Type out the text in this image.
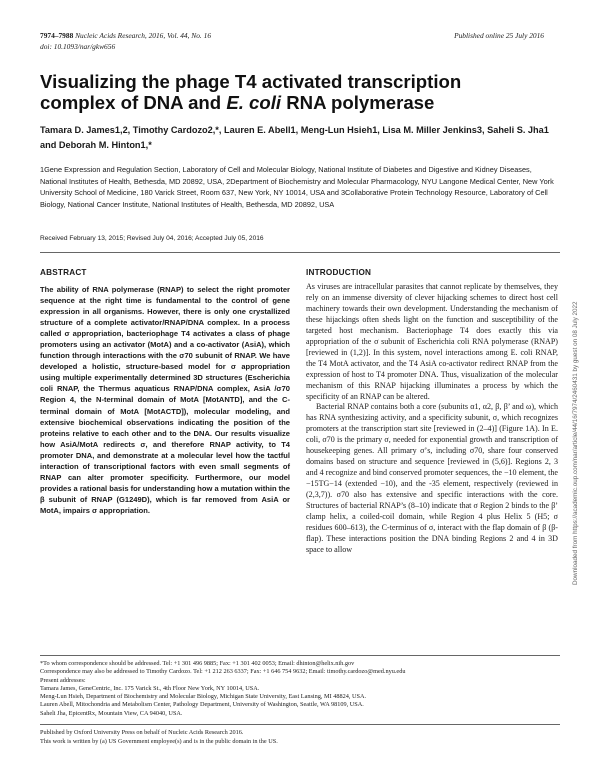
7974–7988 Nucleic Acids Research, 2016, Vol. 44, No. 16
doi: 10.1093/nar/gkw656
Published online 25 July 2016
Visualizing the phage T4 activated transcription
complex of DNA and E. coli RNA polymerase
Tamara D. James1,2, Timothy Cardozo2,*, Lauren E. Abell1, Meng-Lun Hsieh1, Lisa M. Miller Jenkins3, Saheli S. Jha1 and Deborah M. Hinton1,*
1Gene Expression and Regulation Section, Laboratory of Cell and Molecular Biology, National Institute of Diabetes and Digestive and Kidney Diseases, National Institutes of Health, Bethesda, MD 20892, USA, 2Department of Biochemistry and Molecular Pharmacology, NYU Langone Medical Center, New York University School of Medicine, 180 Varick Street, Room 637, New York, NY 10014, USA and 3Collaborative Protein Technology Resource, Laboratory of Cell Biology, National Cancer Institute, National Institutes of Health, Bethesda, MD 20892, USA
Received February 13, 2015; Revised July 04, 2016; Accepted July 05, 2016
ABSTRACT
The ability of RNA polymerase (RNAP) to select the right promoter sequence at the right time is fundamental to the control of gene expression in all organisms. However, there is only one crystallized structure of a complete activator/RNAP/DNA complex. In a process called σ appropriation, bacteriophage T4 activates a class of phage promoters using an activator (MotA) and a co-activator (AsiA), which function through interactions with the σ70 subunit of RNAP. We have developed a holistic, structure-based model for σ appropriation using multiple experimentally determined 3D structures (Escherichia coli RNAP, the Thermus aquaticus RNAP/DNA complex, AsiA /σ70 Region 4, the N-terminal domain of MotA [MotANTD], and the C-terminal domain of MotA [MotACTD]), molecular modeling, and extensive biochemical observations indicating the position of the proteins relative to each other and to the DNA. Our results visualize how AsiA/MotA redirects σ, and therefore RNAP activity, to T4 promoter DNA, and demonstrate at a molecular level how the tactful interaction of transcriptional factors with even small segments of RNAP can alter promoter specificity. Furthermore, our model provides a rational basis for understanding how a mutation within the β subunit of RNAP (G1249D), which is far removed from AsiA or MotA, impairs σ appropriation.
INTRODUCTION

As viruses are intracellular parasites that cannot replicate by themselves, they rely on an immense diversity of clever hijacking schemes to direct host cell machinery towards their own development. Understanding the mechanism of these hijackings often sheds light on the function and susceptibility of the targeted host mechanism. Bacteriophage T4 does exactly this via appropriation of the σ subunit of Escherichia coli RNA polymerase (RNAP) [reviewed in (1,2)]. In this system, novel interactions among E. coli RNAP, the T4 MotA activator, and the T4 AsiA co-activator redirect RNAP from the expression of host to T4 promoter DNA. Thus, visualization of the molecular mechanism of this RNAP hijacking illuminates a process by which the specificity of an RNAP can be altered.

Bacterial RNAP contains both a core (subunits α1, α2, β, β’ and ω), which has RNA synthesizing activity, and a specificity subunit, σ, which recognizes promoters at the transcription start site [reviewed in (2–4)] (Figure 1A). In E. coli, σ70 is the primary σ, needed for exponential growth and transcription of housekeeping genes. All primary σ’s, including σ70, share four conserved domains based on structure and sequence [reviewed in (5,6)]. Regions 2, 3 and 4 recognize and bind conserved promoter sequences, the −10 element, the −15TG−14 (extended −10), and the -35 element, respectively (reviewed in (2,3,7)). σ70 also has extensive and specific interactions with the core. Structures of bacterial RNAP’s (8–10) indicate that σ Region 2 binds to the β’ clamp helix, a coiled-coil domain, while Region 4 plus Helix 5 (H5; σ residues 600–613), the C-terminus of σ, interact with the flap domain of β (β-flap). These interactions position the DNA binding Regions 2 and 4 in 3D space to allow

*To whom correspondence should be addressed. Tel: +1 301 496 9885; Fax: +1 301 402 0053; Email: dhinton@helix.nih.gov
Correspondence may also be addressed to Timothy Cardozo. Tel: +1 212 263 6337; Fax: +1 646 754 9632; Email: timothy.cardozo@med.nyu.edu
Present addresses:
Tamara James, GeneCentric, Inc. 175 Varick St., 4th Floor New York, NY 10014, USA.
Meng-Lun Hsieh, Department of Biochemistry and Molecular Biology, Michigan State University, East Lansing, MI 48824, USA.
Lauren Abell, Mitochondria and Metabolism Center, Pathology Department, University of Washington, Seattle, WA 98109, USA.
Saheli Jha, EpicentRx, Mountain View, CA 94040, USA.
Published by Oxford University Press on behalf of Nucleic Acids Research 2016.
This work is written by (a) US Government employee(s) and is in the public domain in the US.
Downloaded from https://academic.oup.com/nar/article/44/16/7974/2460431 by guest on 08 July 2022
